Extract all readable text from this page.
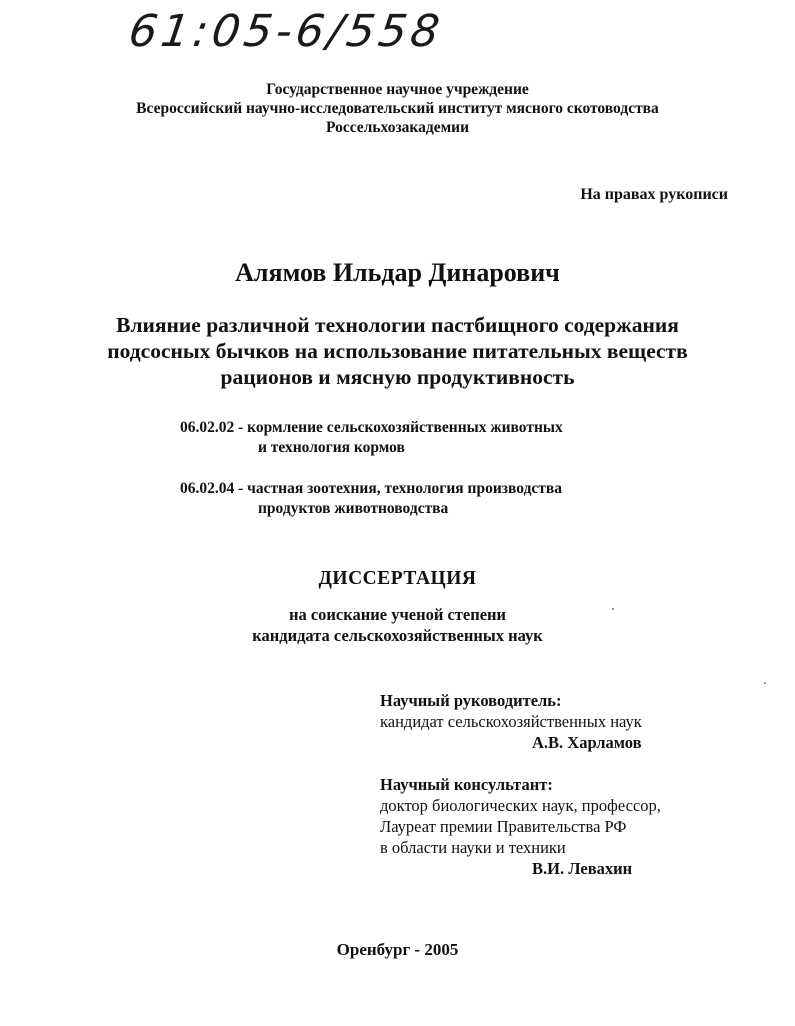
61:05-6/558
Государственное научное учреждение
Всероссийский научно-исследовательский институт мясного скотоводства
Россельхозакадемии
На правах рукописи
Алямов Ильдар Динарович
Влияние различной технологии пастбищного содержания
подсосных бычков на использование питательных веществ
рационов и мясную продуктивность
06.02.02 - кормление сельскохозяйственных животных
и технология кормов
06.02.04 - частная зоотехния, технология производства
продуктов животноводства
ДИССЕРТАЦИЯ
на соискание ученой степени
кандидата сельскохозяйственных наук
Научный руководитель:
кандидат сельскохозяйственных наук
А.В. Харламов
Научный консультант:
доктор биологических наук, профессор,
Лауреат премии Правительства РФ
в области науки и техники
В.И. Левахин
Оренбург - 2005
